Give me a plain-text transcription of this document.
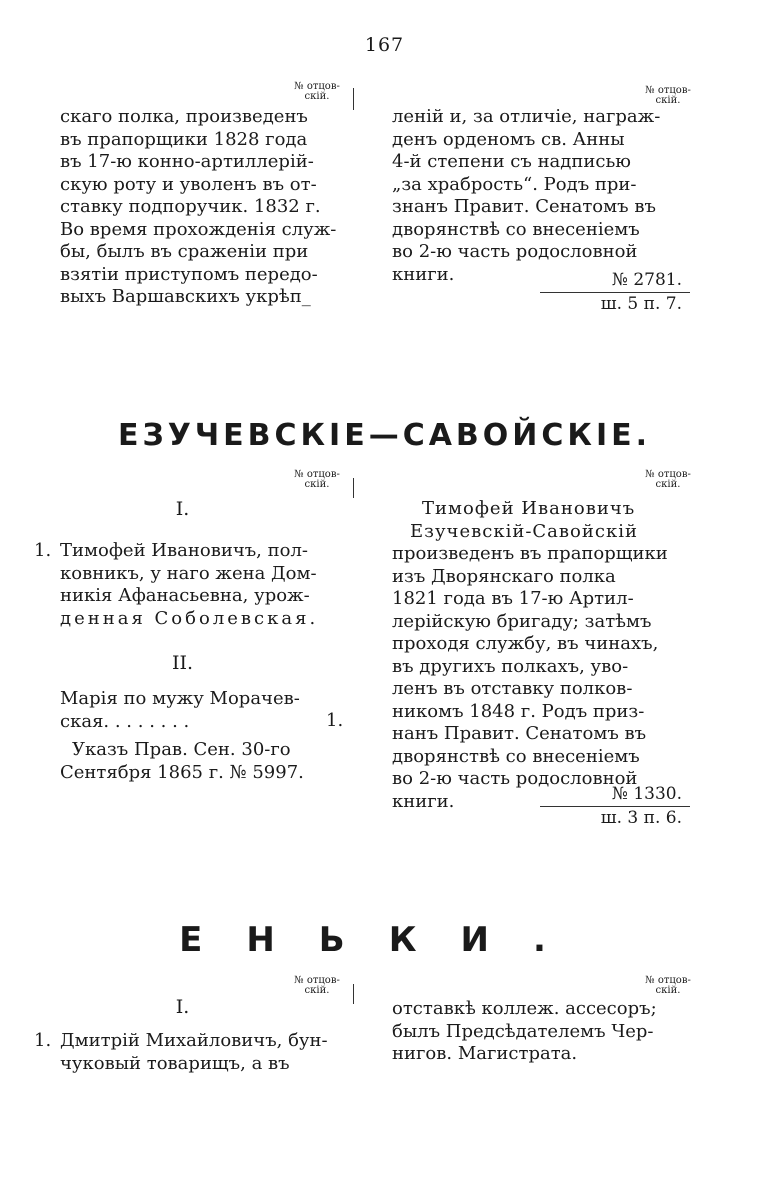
167
№ отцов-
скій.
№ отцов-
скій.
скаго полка, произведенъ
въ прапорщики 1828 года
въ 17-ю конно-артиллерій-
скую роту и уволенъ въ от-
ставку подпоручик. 1832 г.
Во время прохожденія служ-
бы, былъ въ сраженіи при
взятіи приступомъ передо-
выхъ Варшавскихъ укрѣп_
леній и, за отличіе, награж-
денъ орденомъ св. Анны
4-й степени съ надписью
„за храбрость“. Родъ при-
знанъ Правит. Сенатомъ въ
дворянствѣ со внесеніемъ
во 2-ю часть родословной
книги.	№ 2781.
ш. 5 п. 7.
ЕЗУЧЕВСКІЕ—САВОЙСКІЕ.
№ отцов-
скій.
№ отцов-
скій.
I.
1. Тимофей Ивановичъ, пол-
ковникъ, у наго жена Дом-
никія Афанасьевна, урож-
денная Соболевская.
II.
Марія по мужу Морачев-
ская. . . . . . . .
Указъ Прав. Сен. 30-го
Сентября 1865 г. № 5997.
1.
Тимофей Ивановичъ
Езучевскій-Савойскій
произведенъ въ прапорщики
изъ Дворянскаго полка
1821 года въ 17-ю Артил-
лерійскую бригаду; затѣмъ
проходя службу, въ чинахъ,
въ другихъ полкахъ, уво-
ленъ въ отставку полков-
никомъ 1848 г. Родъ приз-
нанъ Правит. Сенатомъ въ
дворянствѣ со внесеніемъ
во 2-ю часть родословной
книги.	№ 1330.
ш. 3 п. 6.
ЕНЬКИ.
№ отцов-
скій.
№ отцов-
скій.
I.
1. Дмитрій Михайловичъ, бун-
чуковый товарищъ, а въ
отставкѣ коллеж. ассесоръ;
былъ Предсѣдателемъ Чер-
нигов. Магистрата.
